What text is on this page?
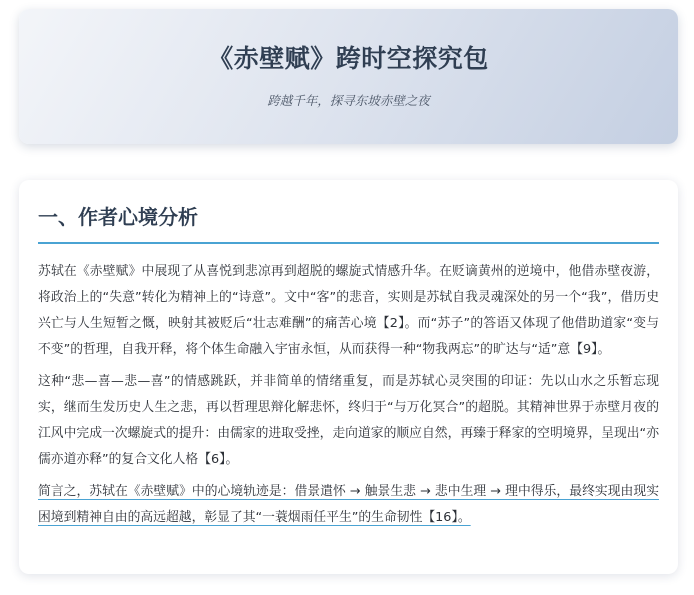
《赤壁赋》跨时空探究包

跨越千年，探寻东坡赤壁之夜

一、作者心境分析

苏轼在《赤壁赋》中展现了从喜悦到悲凉再到超脱的螺旋式情感升华。在贬谪黄州的逆境中，他借赤壁夜游，将政治上的“失意”转化为精神上的“诗意”。文中“客”的悲音，实则是苏轼自我灵魂深处的另一个“我”，借历史兴亡与人生短暂之慨，映射其被贬后“壮志难酬”的痛苦心境【2】。而“苏子”的答语又体现了他借助道家“变与不变”的哲理，自我开释，将个体生命融入宇宙永恒，从而获得一种“物我两忘”的旷达与“适”意【9】。

这种“悲—喜—悲—喜”的情感跳跃，并非简单的情绪重复，而是苏轼心灵突围的印证：先以山水之乐暂忘现实，继而生发历史人生之悲，再以哲理思辩化解悲怀，终归于“与万化冥合”的超脱。其精神世界于赤壁月夜的江风中完成一次螺旋式的提升：由儒家的进取受挫，走向道家的顺应自然，再臻于释家的空明境界，呈现出“亦儒亦道亦释”的复合文化人格【6】。

简言之，苏轼在《赤壁赋》中的心境轨迹是：借景遣怀 → 触景生悲 → 悲中生理 → 理中得乐，最终实现由现实困境到精神自由的高远超越，彰显了其“一蓑烟雨任平生”的生命韧性【16】。
